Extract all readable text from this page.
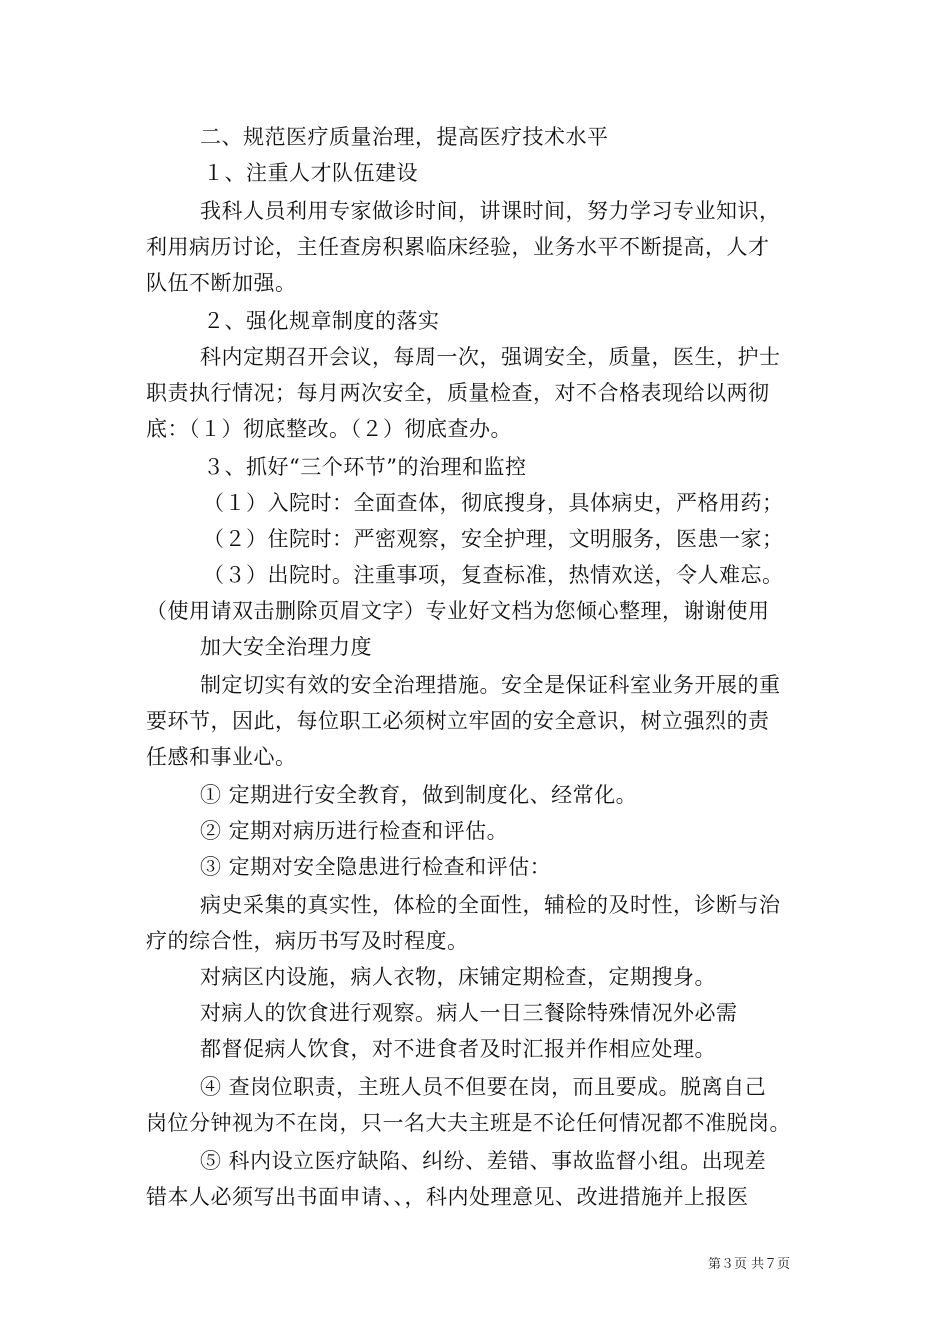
二、规范医疗质量治理，提高医疗技术水平
１、注重人才队伍建设
我科人员利用专家做诊时间，讲课时间，努力学习专业知识，
利用病历讨论，主任查房积累临床经验，业务水平不断提高，人才
队伍不断加强。
２、强化规章制度的落实
科内定期召开会议，每周一次，强调安全，质量，医生，护士
职责执行情况；每月两次安全，质量检查，对不合格表现给以两彻
底：（１）彻底整改。（２）彻底查办。
３、抓好“三个环节”的治理和监控
（１）入院时：全面查体，彻底搜身，具体病史，严格用药；
（２）住院时：严密观察，安全护理，文明服务，医患一家；
（３）出院时。注重事项，复查标准，热情欢送，令人难忘。
（使用请双击删除页眉文字）专业好文档为您倾心整理，谢谢使用
加大安全治理力度
制定切实有效的安全治理措施。安全是保证科室业务开展的重
要环节，因此，每位职工必须树立牢固的安全意识，树立强烈的责
任感和事业心。
① 定期进行安全教育，做到制度化、经常化。
② 定期对病历进行检查和评估。
③ 定期对安全隐患进行检查和评估：
病史采集的真实性，体检的全面性，辅检的及时性，诊断与治
疗的综合性，病历书写及时程度。
对病区内设施，病人衣物，床铺定期检查，定期搜身。
对病人的饮食进行观察。病人一日三餐除特殊情况外必需
都督促病人饮食，对不进食者及时汇报并作相应处理。
④ 查岗位职责，主班人员不但要在岗，而且要成。脱离自己
岗位分钟视为不在岗，只一名大夫主班是不论任何情况都不准脱岗。
⑤ 科内设立医疗缺陷、纠纷、差错、事故监督小组。出现差
错本人必须写出书面申请、、，科内处理意见、改进措施并上报医
第３页 共７页
